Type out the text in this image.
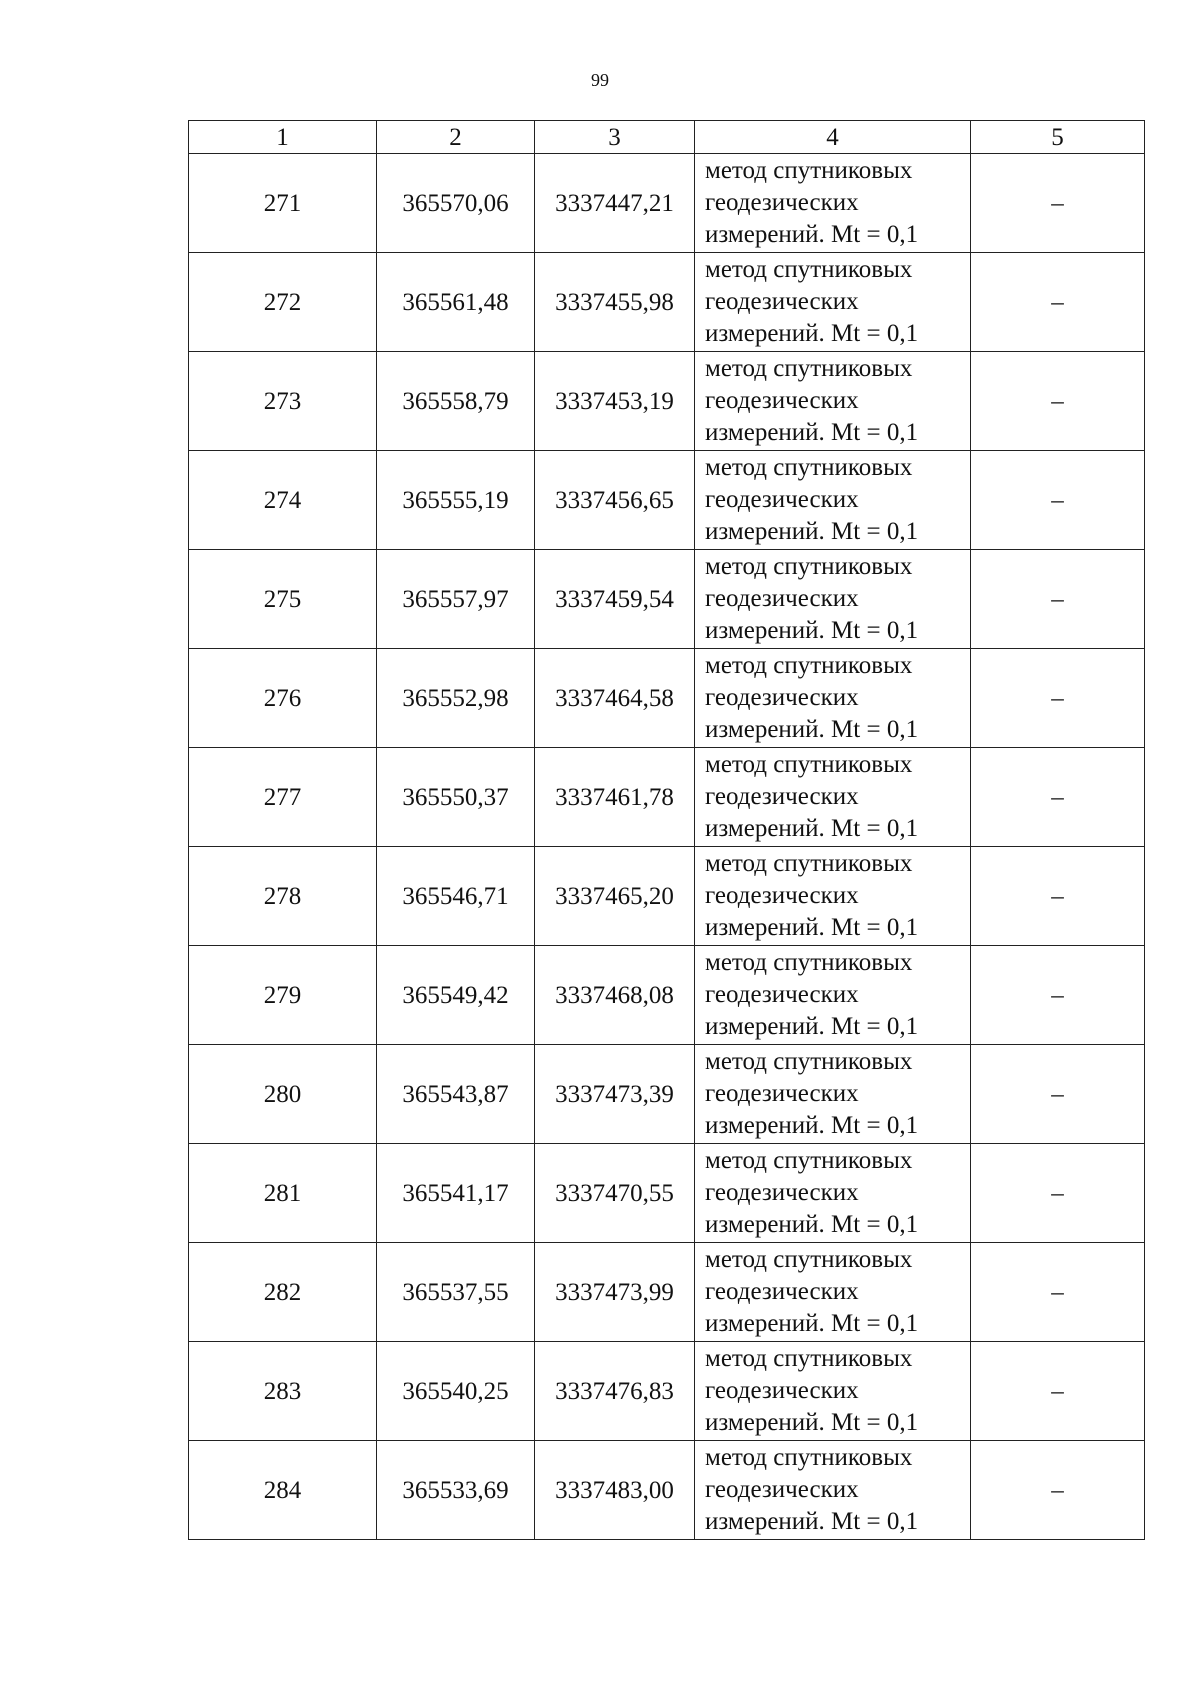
99
1	2	3	4	5
271	365570,06	3337447,21	метод спутниковых
геодезических
измерений. Mt = 0,1	–
272	365561,48	3337455,98	метод спутниковых
геодезических
измерений. Mt = 0,1	–
273	365558,79	3337453,19	метод спутниковых
геодезических
измерений. Mt = 0,1	–
274	365555,19	3337456,65	метод спутниковых
геодезических
измерений. Mt = 0,1	–
275	365557,97	3337459,54	метод спутниковых
геодезических
измерений. Mt = 0,1	–
276	365552,98	3337464,58	метод спутниковых
геодезических
измерений. Mt = 0,1	–
277	365550,37	3337461,78	метод спутниковых
геодезических
измерений. Mt = 0,1	–
278	365546,71	3337465,20	метод спутниковых
геодезических
измерений. Mt = 0,1	–
279	365549,42	3337468,08	метод спутниковых
геодезических
измерений. Mt = 0,1	–
280	365543,87	3337473,39	метод спутниковых
геодезических
измерений. Mt = 0,1	–
281	365541,17	3337470,55	метод спутниковых
геодезических
измерений. Mt = 0,1	–
282	365537,55	3337473,99	метод спутниковых
геодезических
измерений. Mt = 0,1	–
283	365540,25	3337476,83	метод спутниковых
геодезических
измерений. Mt = 0,1	–
284	365533,69	3337483,00	метод спутниковых
геодезических
измерений. Mt = 0,1	–
